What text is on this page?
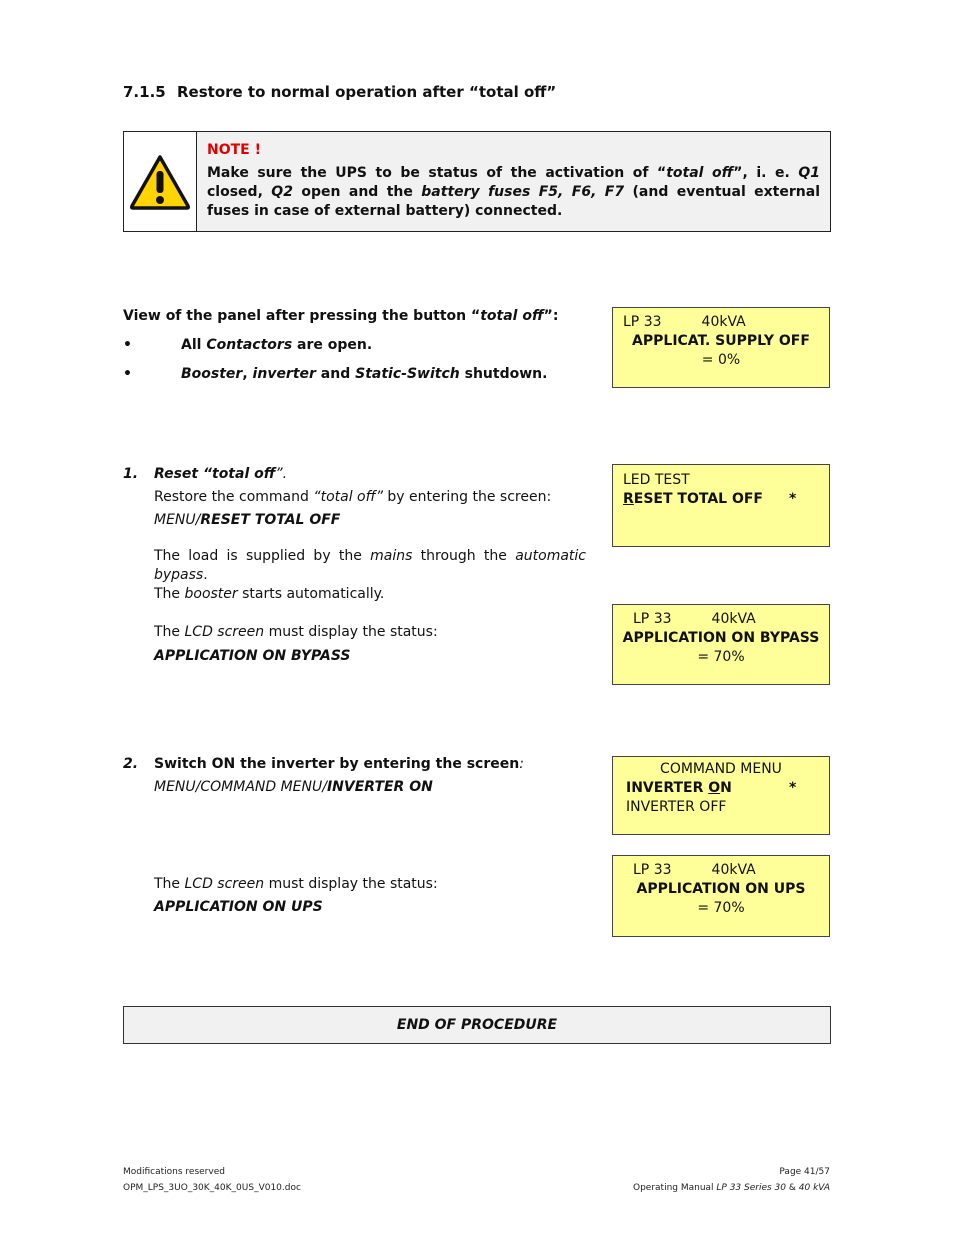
7.1.5 Restore to normal operation after “total off”
NOTE !
Make sure the UPS to be status of the activation of “total off”, i. e. Q1 closed, Q2 open and the battery fuses F5, F6, F7 (and eventual external fuses in case of external battery) connected.
View of the panel after pressing the button “total off”:
•	All Contactors are open.
•	Booster, inverter and Static-Switch shutdown.
LP 33         40kVA
APPLICAT. SUPPLY OFF
= 0%
1. Reset “total off”.
Restore the command “total off” by entering the screen:
MENU/RESET TOTAL OFF
The load is supplied by the mains through the automatic bypass.
The booster starts automatically.
The LCD screen must display the status:
APPLICATION ON BYPASS
LED TEST
RESET TOTAL OFF *
LP 33         40kVA
APPLICATION ON BYPASS
= 70%
2. Switch ON the inverter by entering the screen:
MENU/COMMAND MENU/INVERTER ON
The LCD screen must display the status:
APPLICATION ON UPS
COMMAND MENU
INVERTER ON	*
INVERTER OFF
LP 33         40kVA
APPLICATION ON UPS
= 70%
END OF PROCEDURE
Modifications reserved
OPM_LPS_3UO_30K_40K_0US_V010.doc
Page 41/57
Operating Manual LP 33 Series 30 & 40 kVA
